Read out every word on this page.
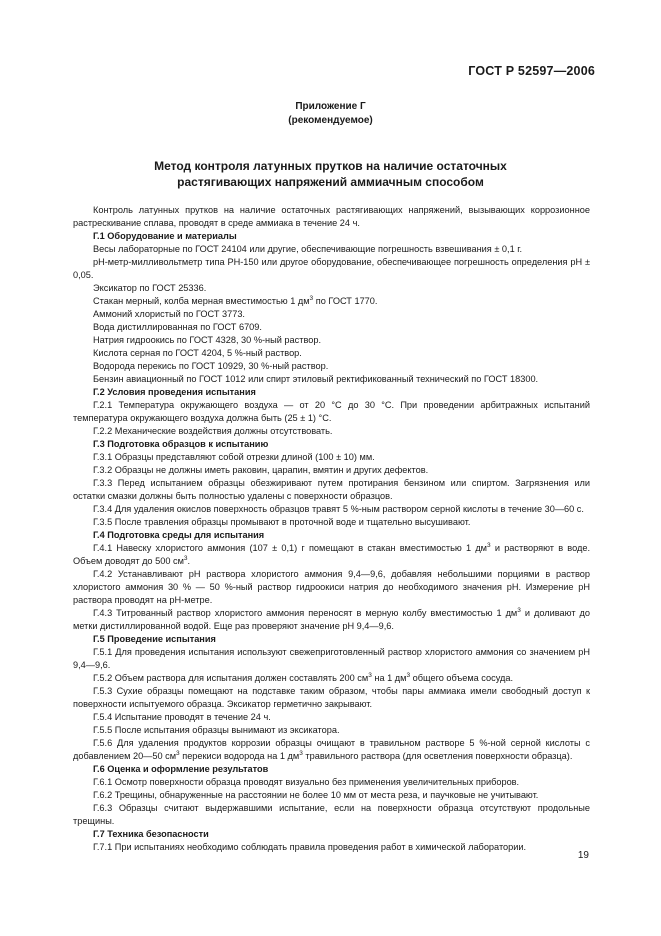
ГОСТ Р 52597—2006
Приложение Г
(рекомендуемое)
Метод контроля латунных прутков на наличие остаточных
растягивающих напряжений аммиачным способом

Контроль латунных прутков на наличие остаточных растягивающих напряжений, вызывающих коррозионное растрескивание сплава, проводят в среде аммиака в течение 24 ч.

Г.1 Оборудование и материалы

Весы лабораторные по ГОСТ 24104 или другие, обеспечивающие погрешность взвешивания ± 0,1 г.

рН-метр-милливольтметр типа РН-150 или другое оборудование, обеспечивающее погрешность определения рН ± 0,05.

Эксикатор по ГОСТ 25336.

Стакан мерный, колба мерная вместимостью 1 $дм^3$ по ГОСТ 1770.

Аммоний хлористый по ГОСТ 3773.

Вода дистиллированная по ГОСТ 6709.

Натрия гидроокись по ГОСТ 4328, 30 %-ный раствор.

Кислота серная по ГОСТ 4204, 5 %-ный раствор.

Водорода перекись по ГОСТ 10929, 30 %-ный раствор.

Бензин авиационный по ГОСТ 1012 или спирт этиловый ректификованный технический по ГОСТ 18300.

Г.2 Условия проведения испытания

Г.2.1 Температура окружающего воздуха — от 20 °С до 30 °С. При проведении арбитражных испытаний температура окружающего воздуха должна быть (25 ± 1) °С.

Г.2.2 Механические воздействия должны отсутствовать.

Г.3 Подготовка образцов к испытанию

Г.3.1 Образцы представляют собой отрезки длиной (100 ± 10) мм.

Г.3.2 Образцы не должны иметь раковин, царапин, вмятин и других дефектов.

Г.3.3 Перед испытанием образцы обезжиривают путем протирания бензином или спиртом. Загрязнения или остатки смазки должны быть полностью удалены с поверхности образцов.

Г.3.4 Для удаления окислов поверхность образцов травят 5 %-ным раствором серной кислоты в течение 30—60 с.

Г.3.5 После травления образцы промывают в проточной воде и тщательно высушивают.

Г.4 Подготовка среды для испытания

Г.4.1 Навеску хлористого аммония (107 ± 0,1) г помещают в стакан вместимостью 1 $дм^3$ и растворяют в воде. Объем доводят до 500 $см^3$.

Г.4.2 Устанавливают рН раствора хлористого аммония 9,4—9,6, добавляя небольшими порциями в раствор хлористого аммония 30 % — 50 %-ный раствор гидроокиси натрия до необходимого значения рН. Измерение рН раствора проводят на рН-метре.

Г.4.3 Титрованный раствор хлористого аммония переносят в мерную колбу вместимостью 1 $дм^3$ и доливают до метки дистиллированной водой. Еще раз проверяют значение рН 9,4—9,6.

Г.5 Проведение испытания

Г.5.1 Для проведения испытания используют свежеприготовленный раствор хлористого аммония со значением рН 9,4—9,6.

Г.5.2 Объем раствора для испытания должен составлять 200 $см^3$ на 1 $дм^3$ общего объема сосуда.

Г.5.3 Сухие образцы помещают на подставке таким образом, чтобы пары аммиака имели свободный доступ к поверхности испытуемого образца. Эксикатор герметично закрывают.

Г.5.4 Испытание проводят в течение 24 ч.

Г.5.5 После испытания образцы вынимают из эксикатора.

Г.5.6 Для удаления продуктов коррозии образцы очищают в травильном растворе 5 %-ной серной кислоты с добавлением 20—50 $см^3$ перекиси водорода на 1 $дм^3$ травильного раствора (для осветления поверхности образца).

Г.6 Оценка и оформление результатов

Г.6.1 Осмотр поверхности образца проводят визуально без применения увеличительных приборов.

Г.6.2 Трещины, обнаруженные на расстоянии не более 10 мм от места реза, и паучковые не учитывают.

Г.6.3 Образцы считают выдержавшими испытание, если на поверхности образца отсутствуют продольные трещины.

Г.7 Техника безопасности

Г.7.1 При испытаниях необходимо соблюдать правила проведения работ в химической лаборатории.

19
